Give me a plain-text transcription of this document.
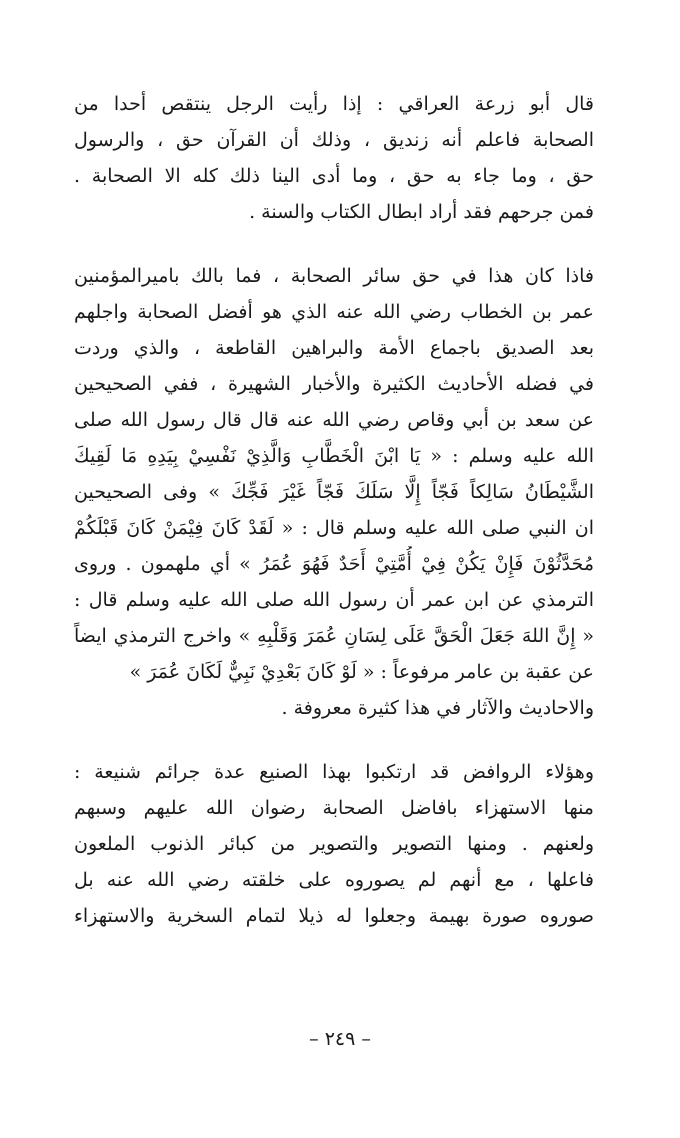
قال أبو زرعة العراقي : إذا رأيت الرجل ينتقص أحدا من
الصحابة فاعلم أنه زنديق ، وذلك أن القرآن حق ، والرسول
حق ، وما جاء به حق ، وما أدى الينا ذلك كله الا الصحابة .
فمن جرحهم فقد أراد ابطال الكتاب والسنة .
فاذا كان هذا في حق سائر الصحابة ، فما بالك باميرالمؤمنين
عمر بن الخطاب رضي الله عنه الذي هو أفضل الصحابة واجلهم
بعد الصديق باجماع الأمة والبراهين القاطعة ، والذي وردت
في فضله الأحاديث الكثيرة والأخبار الشهيرة ، ففي الصحيحين
عن سعد بن أبي وقاص رضي الله عنه قال قال رسول الله صلى
الله عليه وسلم : « يَا ابْنَ الْخَطَّابِ وَالَّذِيْ نَفْسِيْ بِيَدِهِ مَا لَقِيكَ
الشَّيْطَانُ سَالِكاً فَجّاً إِلَّا سَلَكَ فَجّاً غَيْرَ فَجِّكَ » وفى الصحيحين
ان النبي صلى الله عليه وسلم قال : « لَقَدْ كَانَ فِيْمَنْ كَانَ قَبْلَكُمْ
مُحَدَّثُوْنَ فَإِنْ يَكُنْ فِيْ أُمَّتِيْ أَحَدٌ فَهُوَ عُمَرُ » أي ملهمون . وروى
الترمذي عن ابن عمر أن رسول الله صلى الله عليه وسلم قال :
« إِنَّ اللهَ جَعَلَ الْحَقَّ عَلَى لِسَانِ عُمَرَ وَقَلْبِهِ » واخرج الترمذي ايضاً
عن عقبة بن عامر مرفوعاً : « لَوْ كَانَ بَعْدِيْ نَبِيٌّ لَكَانَ عُمَرَ »
والاحاديث والآثار في هذا كثيرة معروفة .
وهؤلاء الروافض قد ارتكبوا بهذا الصنيع عدة جرائم شنيعة :
منها الاستهزاء بافاضل الصحابة رضوان الله عليهم وسبهم
ولعنهم . ومنها التصوير والتصوير من كبائر الذنوب الملعون
فاعلها ، مع أنهم لم يصوروه على خلقته رضي الله عنه بل
صوروه صورة بهيمة وجعلوا له ذيلا لتمام السخرية والاستهزاء
– ٢٤٩ –
